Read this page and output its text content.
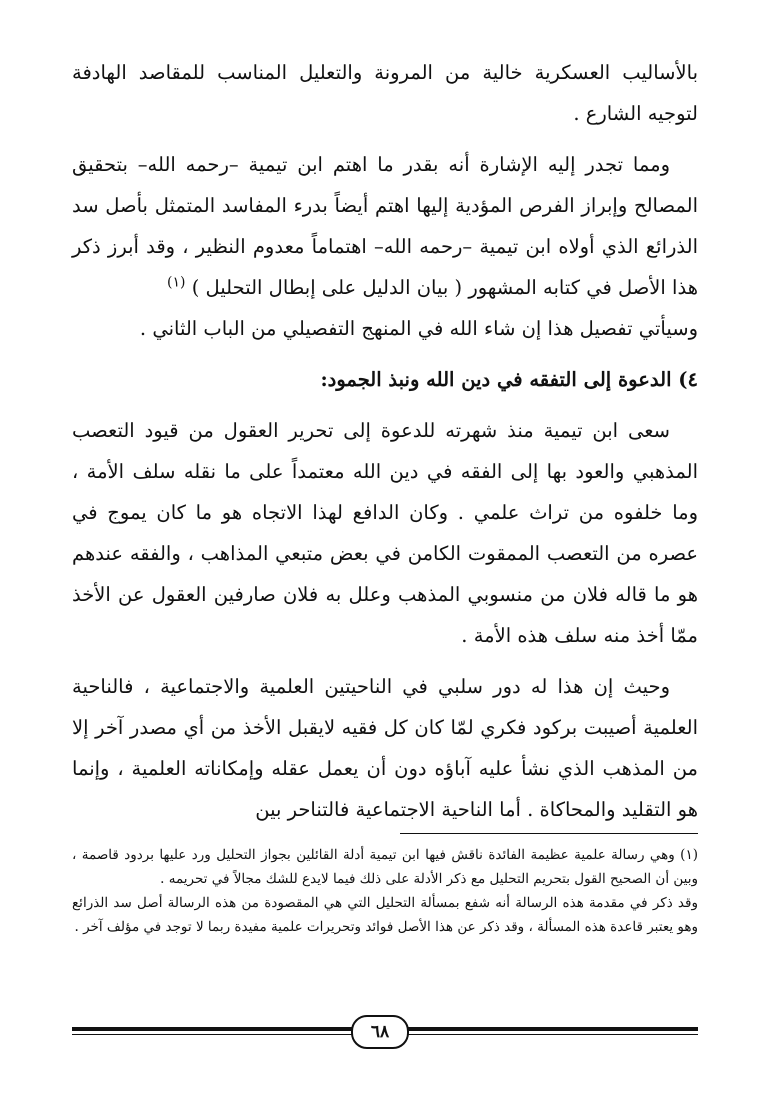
بالأساليب العسكرية خالية من المرونة والتعليل المناسب للمقاصد الهادفة لتوجيه الشارع .

ومما تجدر إليه الإشارة أنه بقدر ما اهتم ابن تيمية –رحمه الله– بتحقيق المصالح وإبراز الفرص المؤدية إليها اهتم أيضاً بدرء المفاسد المتمثل بأصل سد الذرائع الذي أولاه ابن تيمية –رحمه الله– اهتماماً معدوم النظير ، وقد أبرز ذكر هذا الأصل في كتابه المشهور ( بيان الدليل على إبطال التحليل ) $^{(١)}$
وسيأتي تفصيل هذا إن شاء الله في المنهج التفصيلي من الباب الثاني .

٤) الدعوة إلى التفقه في دين الله ونبذ الجمود:

سعى ابن تيمية منذ شهرته للدعوة إلى تحرير العقول من قيود التعصب المذهبي والعود بها إلى الفقه في دين الله معتمداً على ما نقله سلف الأمة ، وما خلفوه من تراث علمي . وكان الدافع لهذا الاتجاه هو ما كان يموج في عصره من التعصب الممقوت الكامن في بعض متبعي المذاهب ، والفقه عندهم هو ما قاله فلان من منسوبي المذهب وعلل به فلان صارفين العقول عن الأخذ ممّا أخذ منه سلف هذه الأمة .

وحيث إن هذا له دور سلبي في الناحيتين العلمية والاجتماعية ، فالناحية العلمية أصيبت بركود فكري لمّا كان كل فقيه لايقبل الأخذ من أي مصدر آخر إلا من المذهب الذي نشأ عليه آباؤه دون أن يعمل عقله وإمكاناته العلمية ، وإنما هو التقليد والمحاكاة . أما الناحية الاجتماعية فالتناحر بين

(١) وهي رسالة علمية عظيمة الفائدة ناقش فيها ابن تيمية أدلة القائلين بجواز التحليل ورد عليها بردود قاصمة ، وبين أن الصحيح القول بتحريم التحليل مع ذكر الأدلة على ذلك فيما لايدع للشك مجالاً في تحريمه .

وقد ذكر في مقدمة هذه الرسالة أنه شفع بمسألة التحليل التي هي المقصودة من هذه الرسالة أصل سد الذرائع وهو يعتبر قاعدة هذه المسألة ، وقد ذكر عن هذا الأصل فوائد وتحريرات علمية مفيدة ربما لا توجد في مؤلف آخر .

٦٨
